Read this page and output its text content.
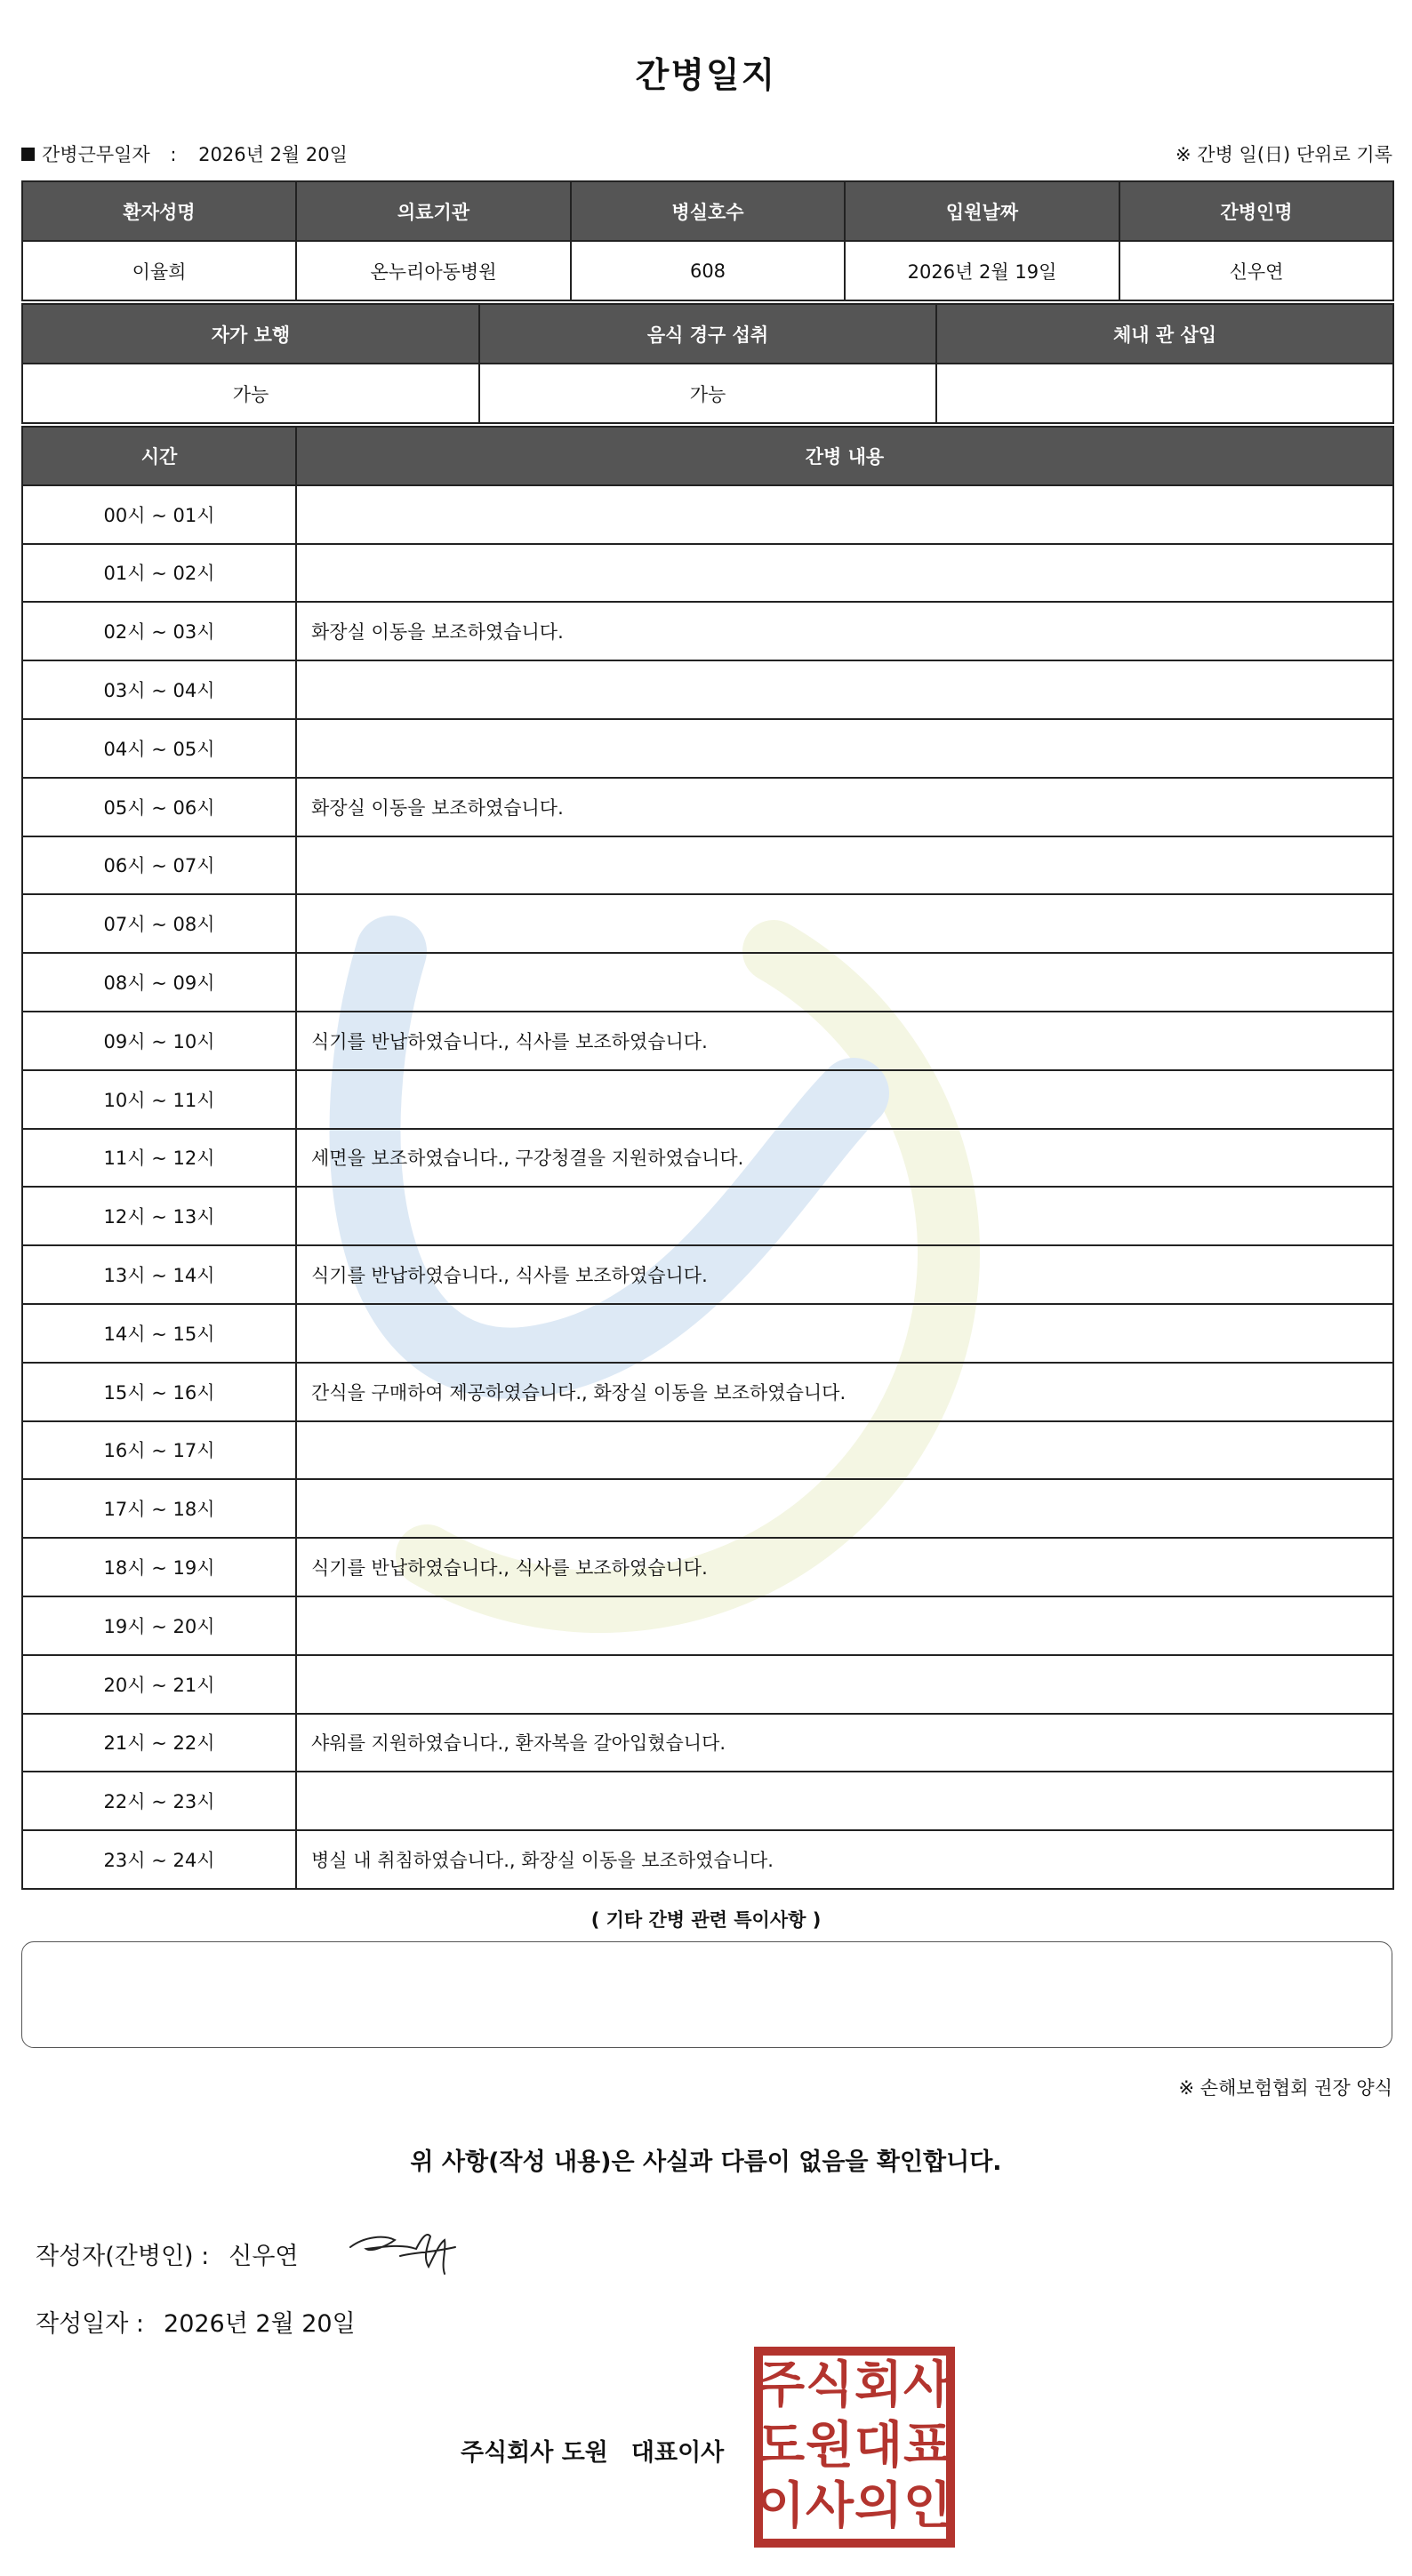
간병일지
간병근무일자 : 2026년 2월 20일	※ 간병 일(日) 단위로 기록
환자성명	의료기관	병실호수	입원날짜	간병인명
이율희	온누리아동병원	608	2026년 2월 19일	신우연
자가 보행	음식 경구 섭취	체내 관 삽입
가능	가능	
시간	간병 내용
00시 ~ 01시	
01시 ~ 02시	
02시 ~ 03시	화장실 이동을 보조하였습니다.
03시 ~ 04시	
04시 ~ 05시	
05시 ~ 06시	화장실 이동을 보조하였습니다.
06시 ~ 07시	
07시 ~ 08시	
08시 ~ 09시	
09시 ~ 10시	식기를 반납하였습니다., 식사를 보조하였습니다.
10시 ~ 11시	
11시 ~ 12시	세면을 보조하였습니다., 구강청결을 지원하였습니다.
12시 ~ 13시	
13시 ~ 14시	식기를 반납하였습니다., 식사를 보조하였습니다.
14시 ~ 15시	
15시 ~ 16시	간식을 구매하여 제공하였습니다., 화장실 이동을 보조하였습니다.
16시 ~ 17시	
17시 ~ 18시	
18시 ~ 19시	식기를 반납하였습니다., 식사를 보조하였습니다.
19시 ~ 20시	
20시 ~ 21시	
21시 ~ 22시	샤워를 지원하였습니다., 환자복을 갈아입혔습니다.
22시 ~ 23시	
23시 ~ 24시	병실 내 취침하였습니다., 화장실 이동을 보조하였습니다.
( 기타 간병 관련 특이사항 )
※ 손해보험협회 권장 양식
위 사항(작성 내용)은 사실과 다름이 없음을 확인합니다.
작성자(간병인) : 신우연
작성일자 : 2026년 2월 20일
주식회사 도원 대표이사
주 식 회 사
도 원 대 표
이 사 의 인
